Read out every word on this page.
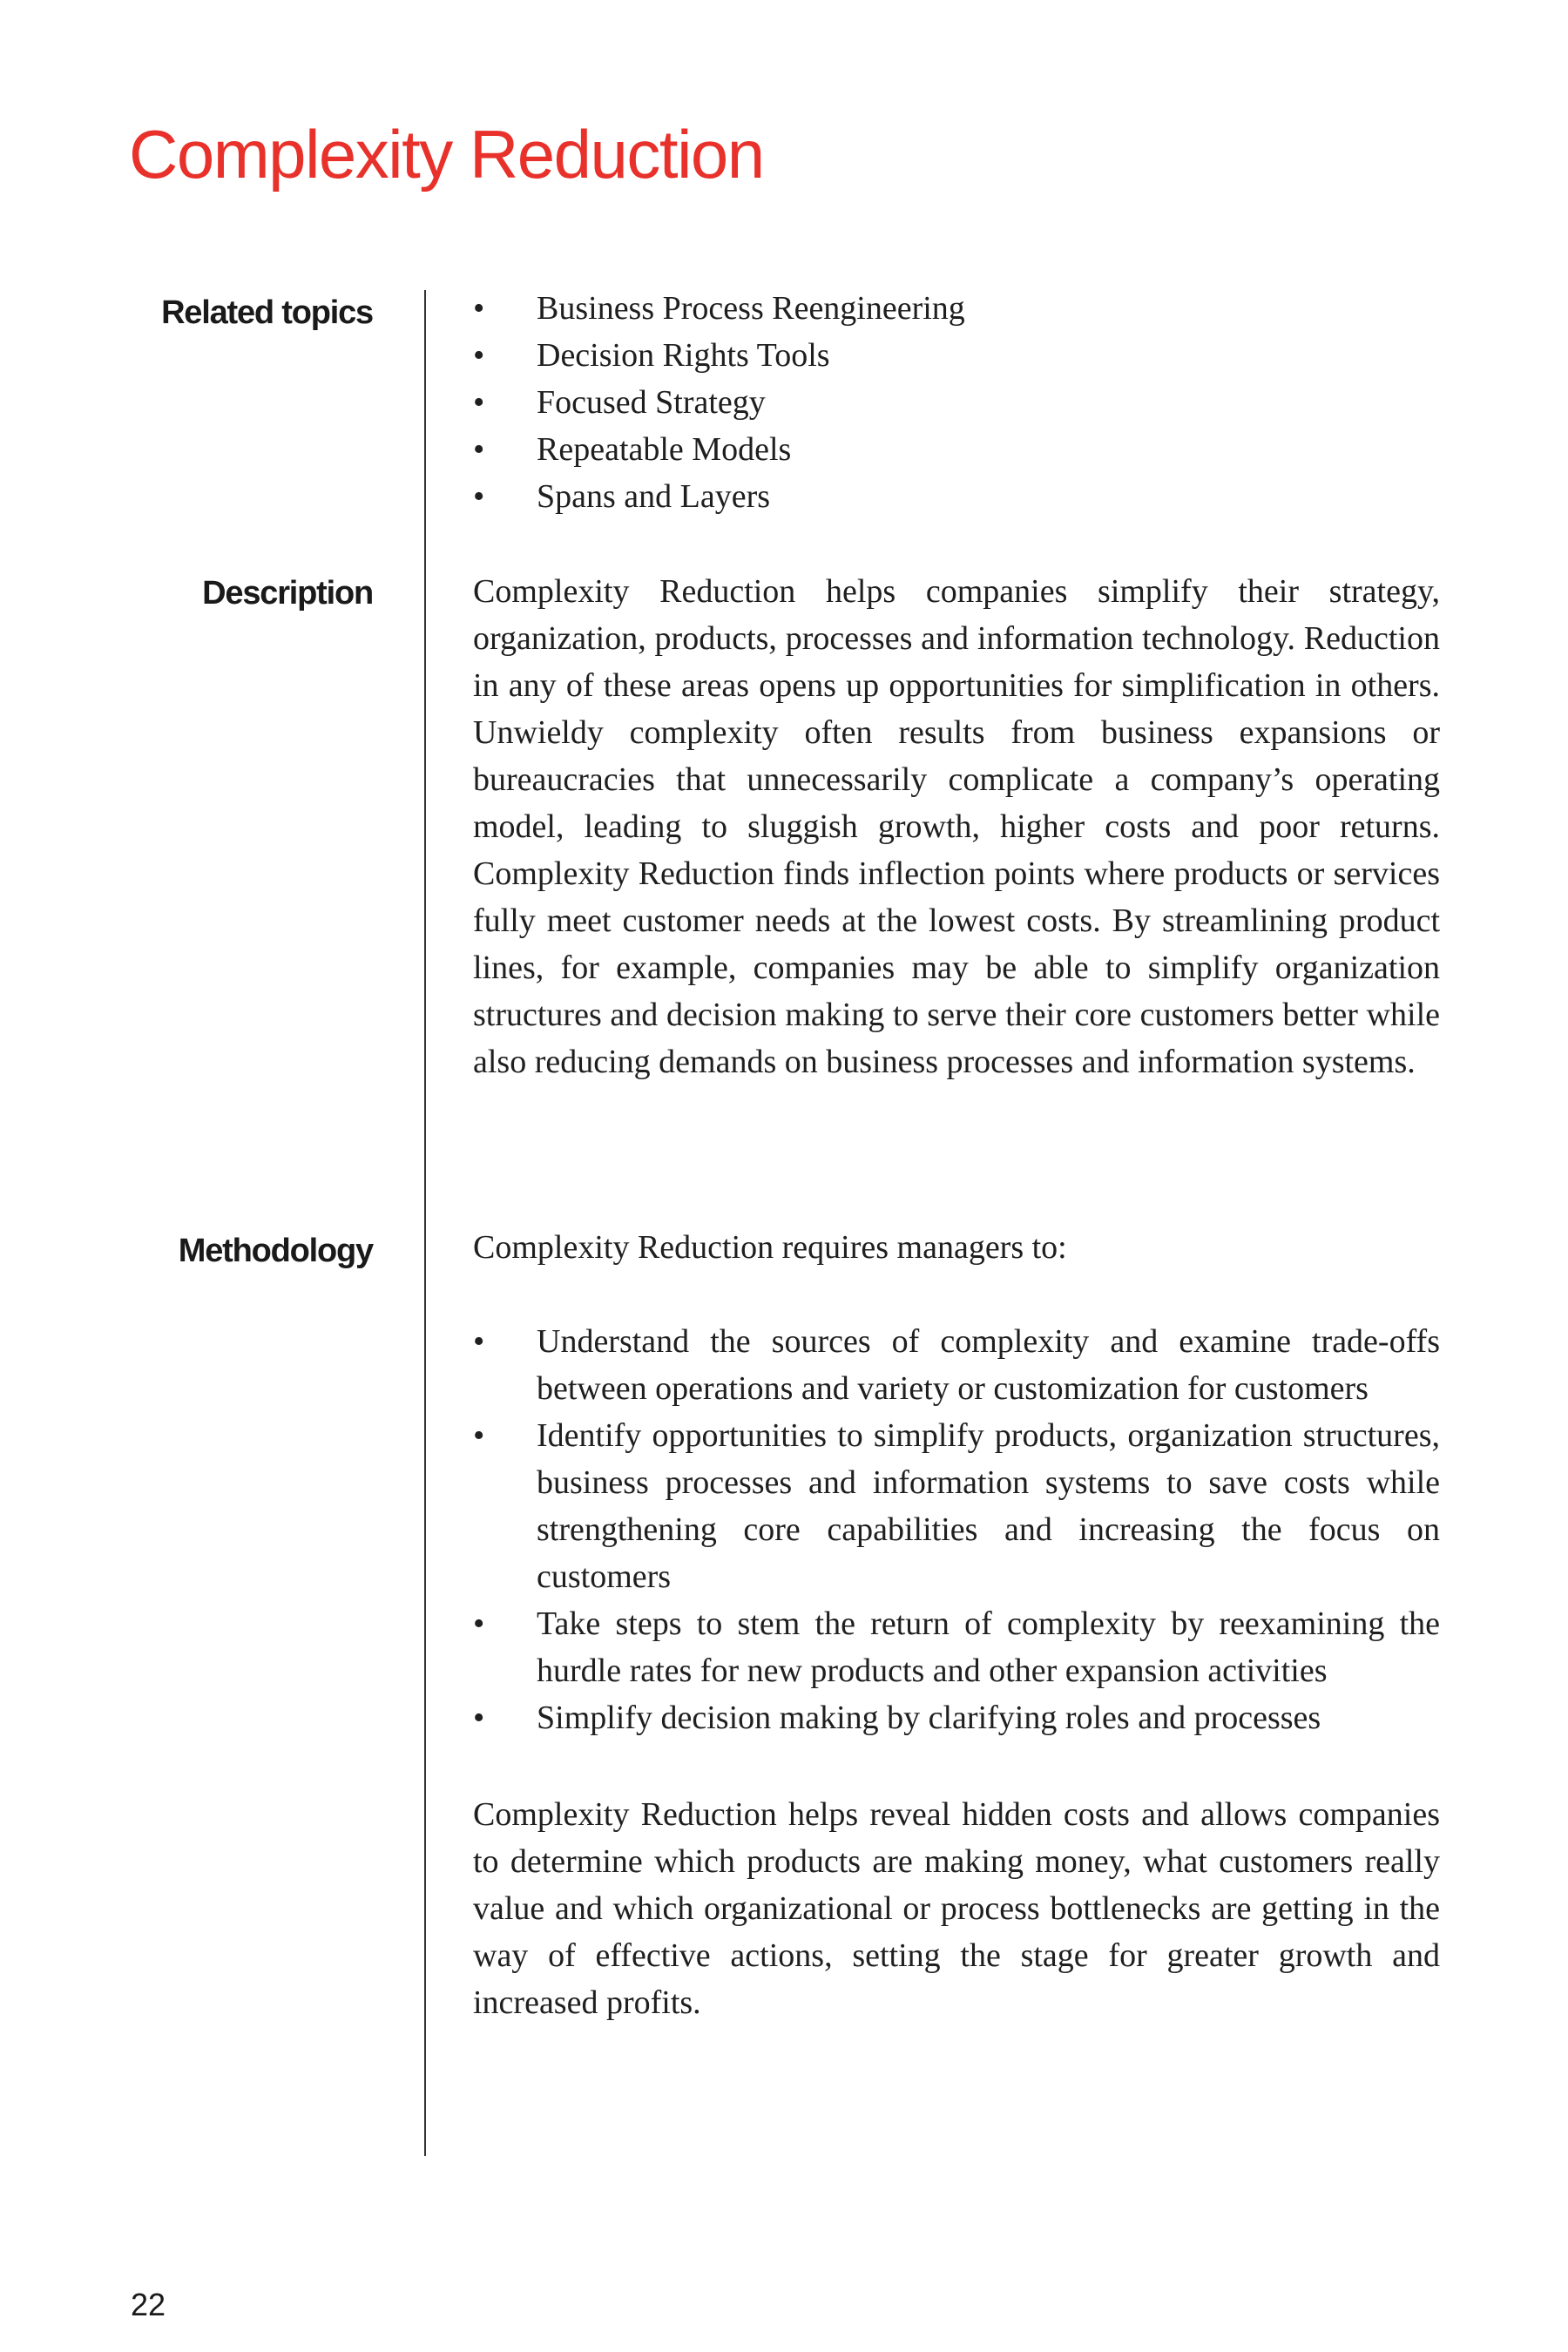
Complexity Reduction
Related topics
•	Business Process Reengineering
• Decision Rights Tools
• Focused Strategy
• Repeatable Models
• Spans and Layers
Description	Complexity Reduction helps companies simplify their strategy, organization, products, processes and information technology. Reduction in any of these areas opens up opportunities for simplification in others. Unwieldy complexity often results from business expansions or bureaucracies that unnecessarily complicate a company’s operating model, leading to sluggish growth, higher costs and poor returns. Complexity Reduction finds inflection points where products or services fully meet customer needs at the lowest costs. By streamlining product lines, for example, companies may be able to simplify organization structures and decision making to serve their core customers better while also reducing demands on business processes and information systems.

Methodology	Complexity Reduction requires managers to:

• Understand the sources of complexity and examine trade-offs between operations and variety or customization for customers
• Identify opportunities to simplify products, organization structures, business processes and information systems to save costs while strengthening core capabilities and increasing the focus on customers
• Take steps to stem the return of complexity by reexamining the hurdle rates for new products and other expansion activities
• Simplify decision making by clarifying roles and processes

Complexity Reduction helps reveal hidden costs and allows companies to determine which products are making money, what customers really value and which organizational or process bottlenecks are getting in the way of effective actions, setting the stage for greater growth and increased profits.

22
